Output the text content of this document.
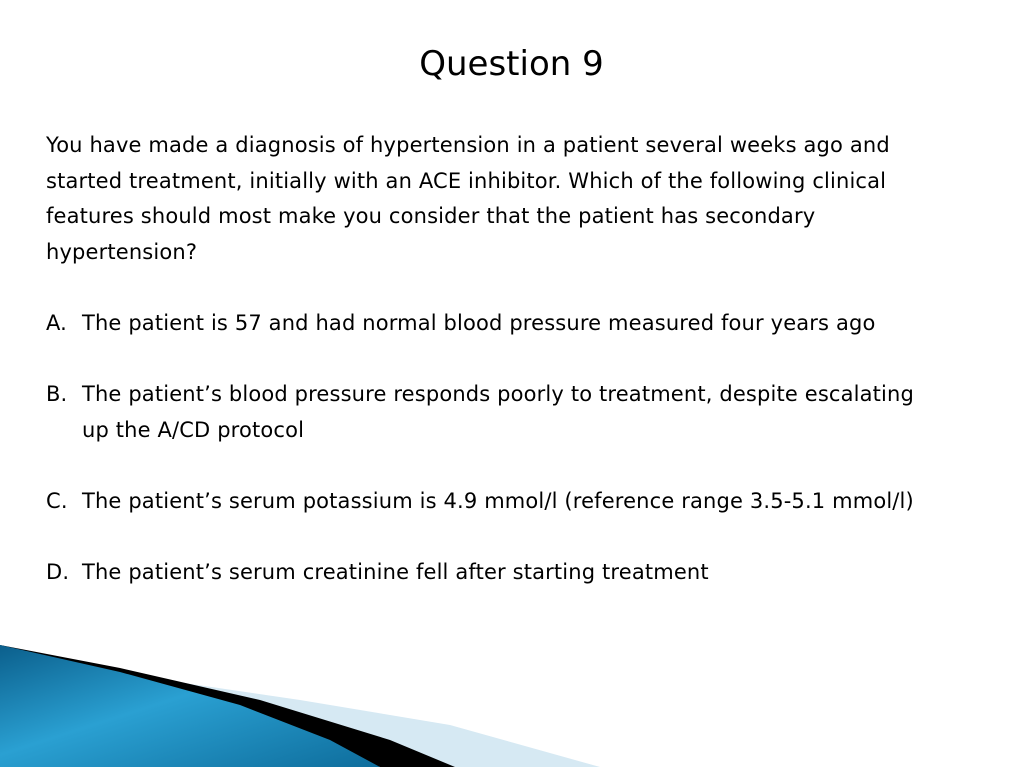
Question 9
You have made a diagnosis of hypertension in a patient several weeks ago and
started treatment, initially with an ACE inhibitor. Which of the following clinical
features should most make you consider that the patient has secondary
hypertension?
A. The patient is 57 and had normal blood pressure measured four years ago
B. The patient’s blood pressure responds poorly to treatment, despite escalating
up the A/CD protocol
C. The patient’s serum potassium is 4.9 mmol/l (reference range 3.5-5.1 mmol/l)
D. The patient’s serum creatinine fell after starting treatment
